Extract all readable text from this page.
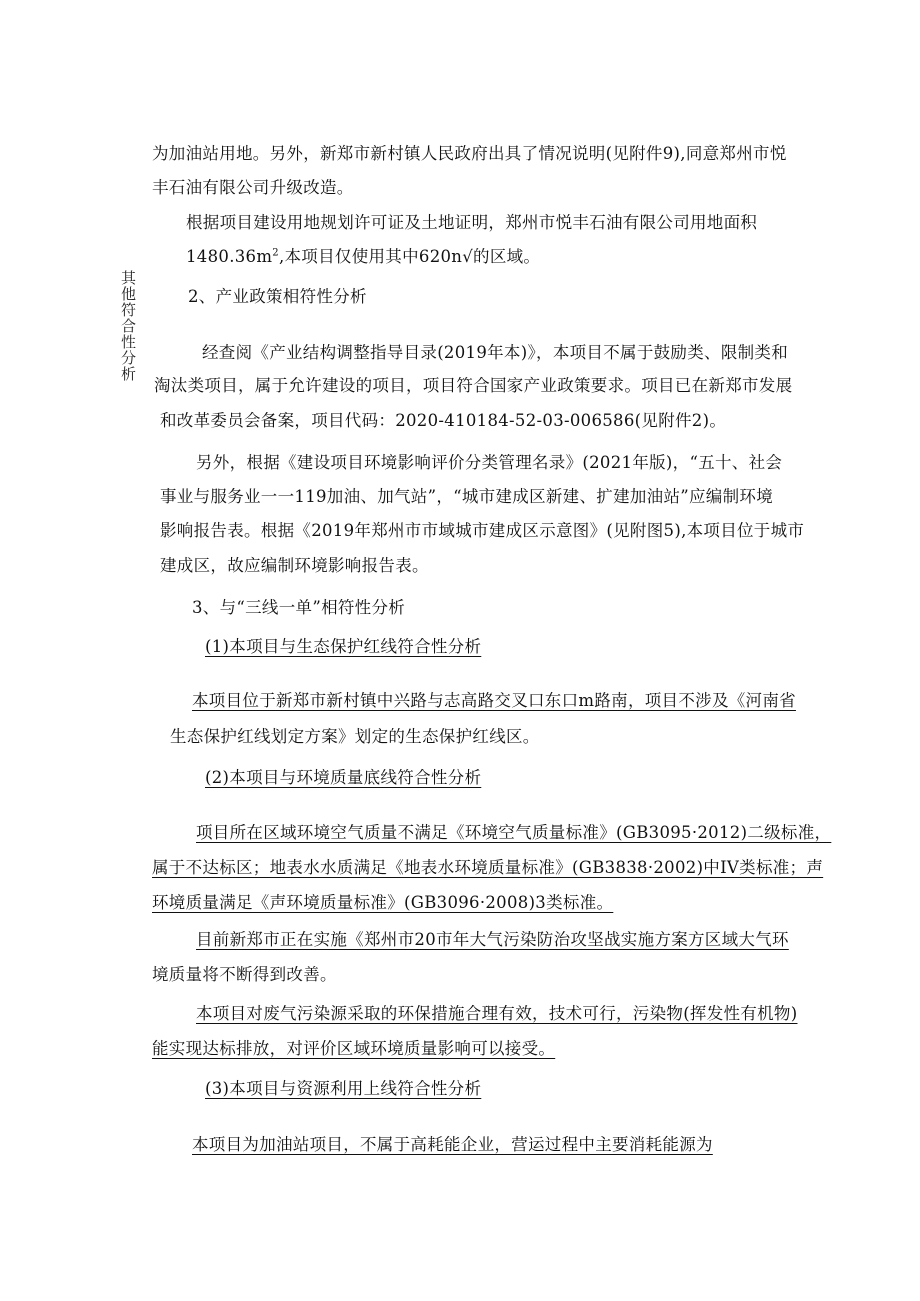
其他符合性分析
为加油站用地。另外，新郑市新村镇人民政府出具了情况说明(见附件9),同意郑州市悦
丰石油有限公司升级改造。
根据项目建设用地规划许可证及土地证明，郑州市悦丰石油有限公司用地面积
$1480.36m^2$,本项目仅使用其中620n√的区域。
2、产业政策相符性分析
经查阅《产业结构调整指导目录(2019年本)》，本项目不属于鼓励类、限制类和
淘汰类项目，属于允许建设的项目，项目符合国家产业政策要求。项目已在新郑市发展
和改革委员会备案，项目代码：2020-410184-52-03-006586(见附件2)。
另外，根据《建设项目环境影响评价分类管理名录》(2021年版)，“五十、社会
事业与服务业一一119加油、加气站”，“城市建成区新建、扩建加油站”应编制环境
影响报告表。根据《2019年郑州市市域城市建成区示意图》(见附图5),本项目位于城市
建成区，故应编制环境影响报告表。
3、与“三线一单”相符性分析
(1)本项目与生态保护红线符合性分析
本项目位于新郑市新村镇中兴路与志高路交叉口东口m路南，项目不涉及《河南省
生态保护红线划定方案》划定的生态保护红线区。
(2)本项目与环境质量底线符合性分析
项目所在区域环境空气质量不满足《环境空气质量标准》(GB3095·2012)二级标准，
属于不达标区；地表水水质满足《地表水环境质量标准》(GB3838·2002)中IV类标准；声
环境质量满足《声环境质量标准》(GB3096·2008)3类标准。
目前新郑市正在实施《郑州市20市年大气污染防治攻坚战实施方案方区域大气环
境质量将不断得到改善。
本项目对废气污染源采取的环保措施合理有效，技术可行，污染物(挥发性有机物)
能实现达标排放，对评价区域环境质量影响可以接受。
(3)本项目与资源利用上线符合性分析
本项目为加油站项目，不属于高耗能企业，营运过程中主要消耗能源为
